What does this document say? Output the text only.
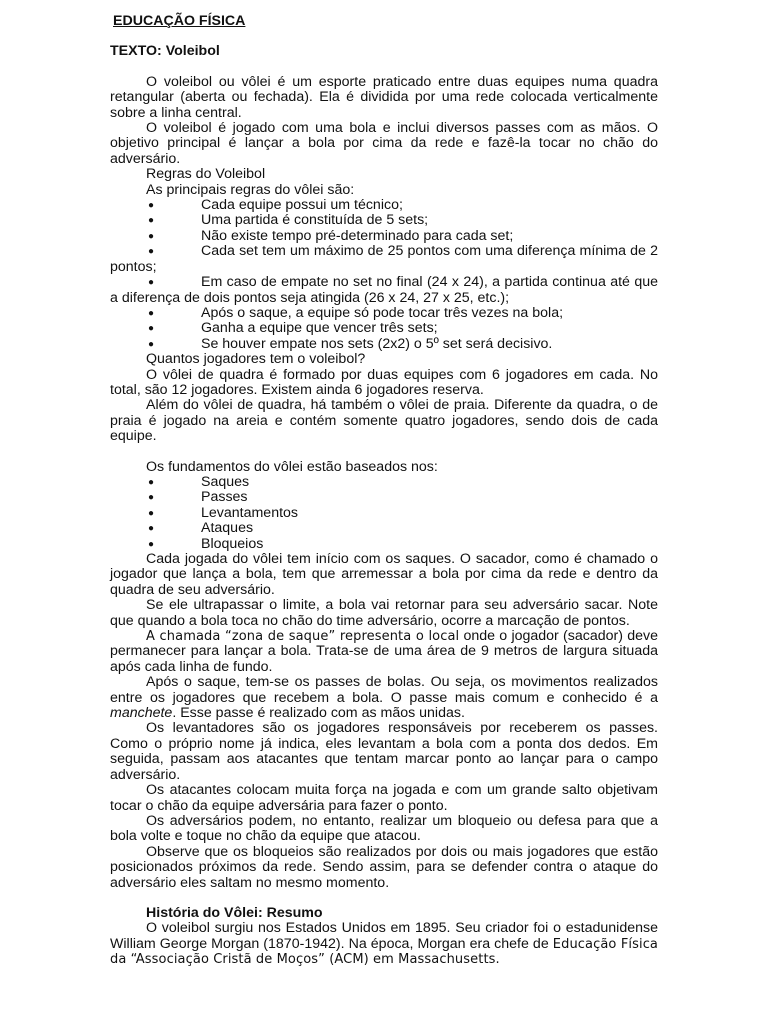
EDUCAÇÃO FÍSICA
TEXTO: Voleibol

O voleibol ou vôlei é um esporte praticado entre duas equipes numa quadra retangular (aberta ou fechada). Ela é dividida por uma rede colocada verticalmente sobre a linha central.

O voleibol é jogado com uma bola e inclui diversos passes com as mãos. O objetivo principal é lançar a bola por cima da rede e fazê-la tocar no chão do adversário.

Regras do Voleibol

As principais regras do vôlei são:

●	Cada equipe possui um técnico;
●	Uma partida é constituída de 5 sets;
●	Não existe tempo pré-determinado para cada set;
●	Cada set tem um máximo de 25 pontos com uma diferença mínima de 2 pontos;
●	Em caso de empate no set no final (24 x 24), a partida continua até que a diferença de dois pontos seja atingida (26 x 24, 27 x 25, etc.);
●	Após o saque, a equipe só pode tocar três vezes na bola;
●	Ganha a equipe que vencer três sets;
●	Se houver empate nos sets (2x2) o 5º set será decisivo.

Quantos jogadores tem o voleibol?

O vôlei de quadra é formado por duas equipes com 6 jogadores em cada. No total, são 12 jogadores. Existem ainda 6 jogadores reserva.

Além do vôlei de quadra, há também o vôlei de praia. Diferente da quadra, o de praia é jogado na areia e contém somente quatro jogadores, sendo dois de cada equipe.

Os fundamentos do vôlei estão baseados nos:

●	Saques
●	Passes
●	Levantamentos
●	Ataques
●	Bloqueios

Cada jogada do vôlei tem início com os saques. O sacador, como é chamado o jogador que lança a bola, tem que arremessar a bola por cima da rede e dentro da quadra de seu adversário.

Se ele ultrapassar o limite, a bola vai retornar para seu adversário sacar. Note que quando a bola toca no chão do time adversário, ocorre a marcação de pontos.

A chamada “zona de saque” representa o local onde o jogador (sacador) deve permanecer para lançar a bola. Trata-se de uma área de 9 metros de largura situada após cada linha de fundo.

Após o saque, tem-se os passes de bolas. Ou seja, os movimentos realizados entre os jogadores que recebem a bola. O passe mais comum e conhecido é a manchete. Esse passe é realizado com as mãos unidas.

Os levantadores são os jogadores responsáveis por receberem os passes. Como o próprio nome já indica, eles levantam a bola com a ponta dos dedos. Em seguida, passam aos atacantes que tentam marcar ponto ao lançar para o campo adversário.

Os atacantes colocam muita força na jogada e com um grande salto objetivam tocar o chão da equipe adversária para fazer o ponto.

Os adversários podem, no entanto, realizar um bloqueio ou defesa para que a bola volte e toque no chão da equipe que atacou.

Observe que os bloqueios são realizados por dois ou mais jogadores que estão posicionados próximos da rede. Sendo assim, para se defender contra o ataque do adversário eles saltam no mesmo momento.

História do Vôlei: Resumo

O voleibol surgiu nos Estados Unidos em 1895. Seu criador foi o estadunidense William George Morgan (1870-1942). Na época, Morgan era chefe de Educação Física da “Associação Cristã de Moços” (ACM) em Massachusetts.
